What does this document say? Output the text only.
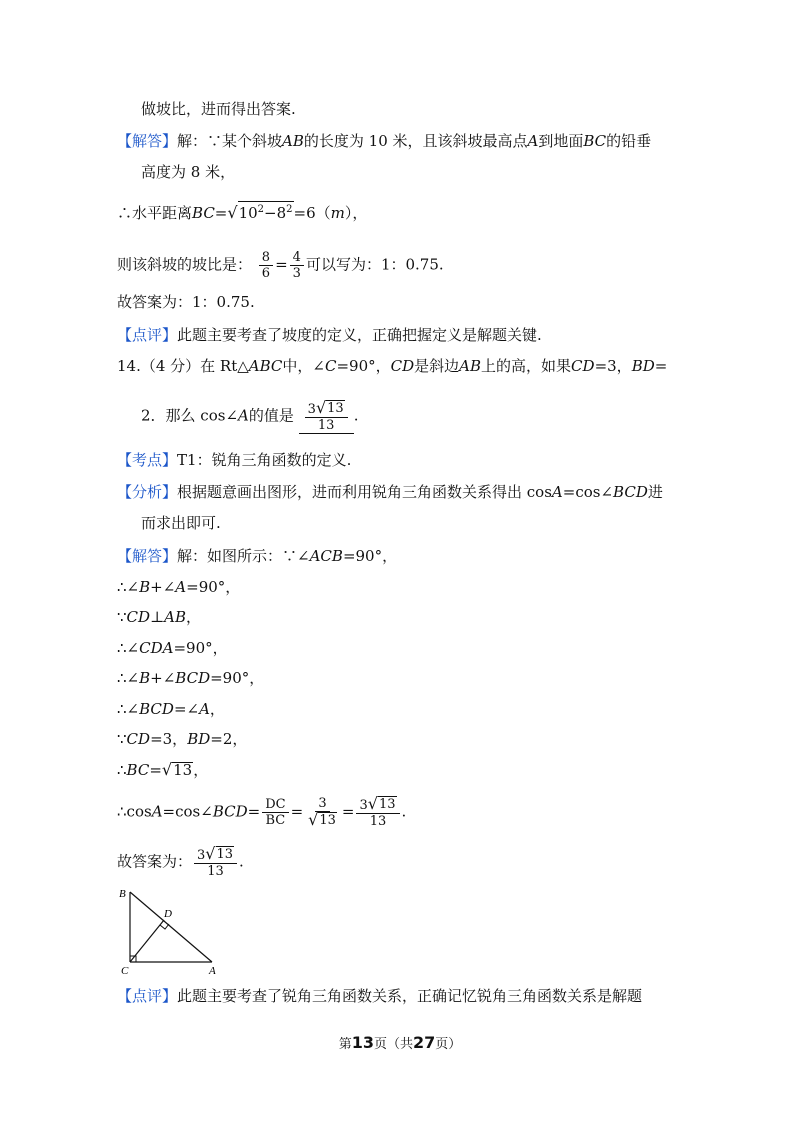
做坡比，进而得出答案.
【解答】解：∵某个斜坡AB的长度为 10 米，且该斜坡最高点A到地面BC的铅垂
高度为 8 米，
∴水平距离BC= √ $10^2-8^2 =6(m)$，
则该斜坡的坡比是： $\frac{8}{6} = \frac{4}{3}$ 可以写为：1：0.75.
故答案为：1：0.75.
【点评】此题主要考查了坡度的定义，正确把握定义是解题关键.
14.（4 分）在 Rt△ABC中，∠C=90°，CD是斜边AB上的高，如果CD=3，BD=
2．那么 cos∠A的值是 $\frac{3 √ 13}{13}$ .
【考点】T1：锐角三角函数的定义.
【分析】根据题意画出图形，进而利用锐角三角函数关系得出 cosA=cos∠BCD进
而求出即可.
【解答】解：如图所示：∵∠ACB=90°，
∴∠B+∠A=90°，
∵CD⊥AB，
∴∠CDA=90°，
∴∠B+∠BCD=90°，
∴∠BCD=∠A，
∵CD=3，BD=2，
∴BC= √ 13 ，
∴cosA=cos∠BCD= $\frac{DC}{BC} = \frac{3}{√ 13} = \frac{3 √ 13}{13}$ .
故答案为： $\frac{3 √ 13}{13}$ .
B
D
C	A
【点评】此题主要考查了锐角三角函数关系，正确记忆锐角三角函数关系是解题
第13页（共27页）
